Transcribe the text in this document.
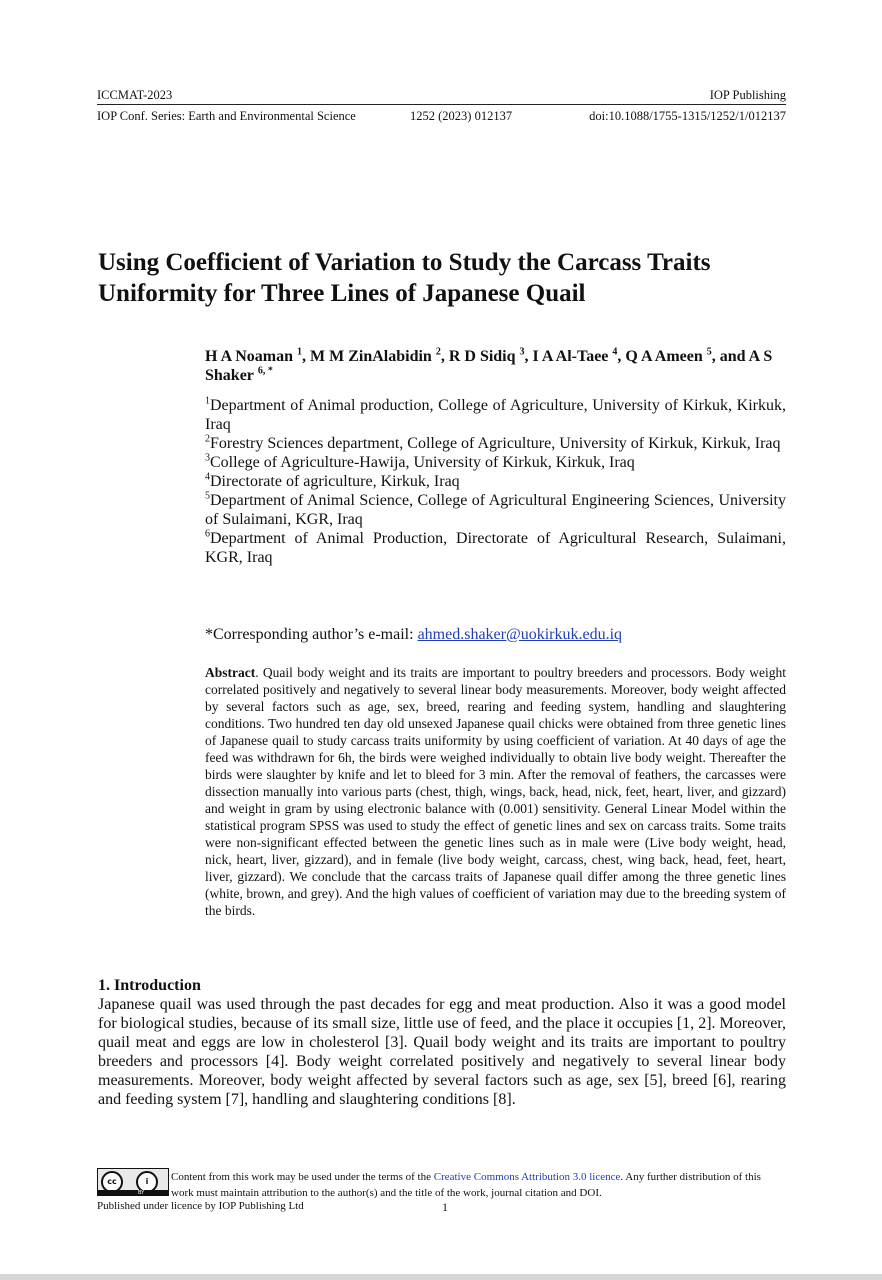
ICCMAT-2023	IOP Publishing
IOP Conf. Series: Earth and Environmental Science	1252 (2023) 012137	doi:10.1088/1755-1315/1252/1/012137
Using Coefficient of Variation to Study the Carcass Traits
Uniformity for Three Lines of Japanese Quail
H A Noaman $^1$, M M ZinAlabidin $^2$, R D Sidiq $^3$, I A Al-Taee $^4$, Q A Ameen $^5$, and A S Shaker $^{6, *}$
$^1$Department of Animal production, College of Agriculture, University of Kirkuk, Kirkuk, Iraq
$^2$Forestry Sciences department, College of Agriculture, University of Kirkuk, Kirkuk, Iraq
$^3$College of Agriculture-Hawija, University of Kirkuk, Kirkuk, Iraq
$^4$Directorate of agriculture, Kirkuk, Iraq
$^5$Department of Animal Science, College of Agricultural Engineering Sciences, University of Sulaimani, KGR, Iraq
$^6$Department of Animal Production, Directorate of Agricultural Research, Sulaimani, KGR, Iraq
*Corresponding author’s e-mail: ahmed.shaker@uokirkuk.edu.iq
Abstract. Quail body weight and its traits are important to poultry breeders and processors. Body weight correlated positively and negatively to several linear body measurements. Moreover, body weight affected by several factors such as age, sex, breed, rearing and feeding system, handling and slaughtering conditions. Two hundred ten day old unsexed Japanese quail chicks were obtained from three genetic lines of Japanese quail to study carcass traits uniformity by using coefficient of variation. At 40 days of age the feed was withdrawn for 6h, the birds were weighed individually to obtain live body weight. Thereafter the birds were slaughter by knife and let to bleed for 3 min. After the removal of feathers, the carcasses were dissection manually into various parts (chest, thigh, wings, back, head, nick, feet, heart, liver, and gizzard) and weight in gram by using electronic balance with (0.001) sensitivity. General Linear Model within the statistical program SPSS was used to study the effect of genetic lines and sex on carcass traits. Some traits were non-significant effected between the genetic lines such as in male were (Live body weight, head, nick, heart, liver, gizzard), and in female (live body weight, carcass, chest, wing back, head, feet, heart, liver, gizzard). We conclude that the carcass traits of Japanese quail differ among the three genetic lines (white, brown, and grey). And the high values of coefficient of variation may due to the breeding system of the birds.
1. Introduction
Japanese quail was used through the past decades for egg and meat production. Also it was a good model for biological studies, because of its small size, little use of feed, and the place it occupies [1, 2]. Moreover, quail meat and eggs are low in cholesterol [3]. Quail body weight and its traits are important to poultry breeders and processors [4]. Body weight correlated positively and negatively to several linear body measurements. Moreover, body weight affected by several factors such as age, sex [5], breed [6], rearing and feeding system [7], handling and slaughtering conditions [8].
cc	i
BY
Content from this work may be used under the terms of the Creative Commons Attribution 3.0 licence. Any further distribution of this work must maintain attribution to the author(s) and the title of the work, journal citation and DOI.
Published under licence by IOP Publishing Ltd	1
